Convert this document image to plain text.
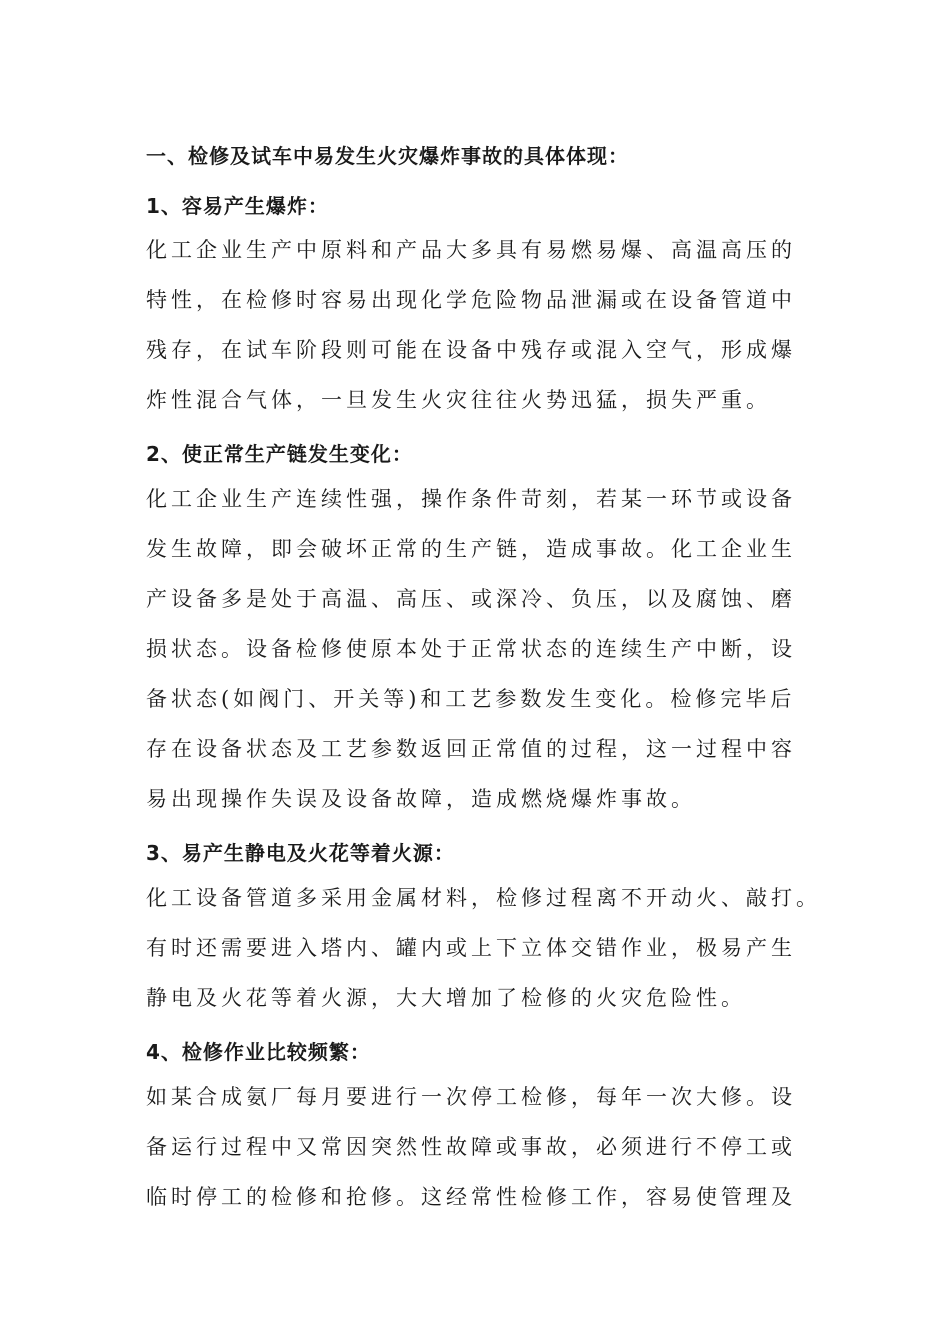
一、检修及试车中易发生火灾爆炸事故的具体体现：
1、容易产生爆炸：
化工企业生产中原料和产品大多具有易燃易爆、高温高压的
特性，在检修时容易出现化学危险物品泄漏或在设备管道中
残存，在试车阶段则可能在设备中残存或混入空气，形成爆
炸性混合气体，一旦发生火灾往往火势迅猛，损失严重。
2、使正常生产链发生变化：
化工企业生产连续性强，操作条件苛刻，若某一环节或设备
发生故障，即会破坏正常的生产链，造成事故。化工企业生
产设备多是处于高温、高压、或深冷、负压，以及腐蚀、磨
损状态。设备检修使原本处于正常状态的连续生产中断，设
备状态(如阀门、开关等)和工艺参数发生变化。检修完毕后
存在设备状态及工艺参数返回正常值的过程，这一过程中容
易出现操作失误及设备故障，造成燃烧爆炸事故。
3、易产生静电及火花等着火源：
化工设备管道多采用金属材料，检修过程离不开动火、敲打。
有时还需要进入塔内、罐内或上下立体交错作业，极易产生
静电及火花等着火源，大大增加了检修的火灾危险性。
4、检修作业比较频繁：
如某合成氨厂每月要进行一次停工检修，每年一次大修。设
备运行过程中又常因突然性故障或事故，必须进行不停工或
临时停工的检修和抢修。这经常性检修工作，容易使管理及
